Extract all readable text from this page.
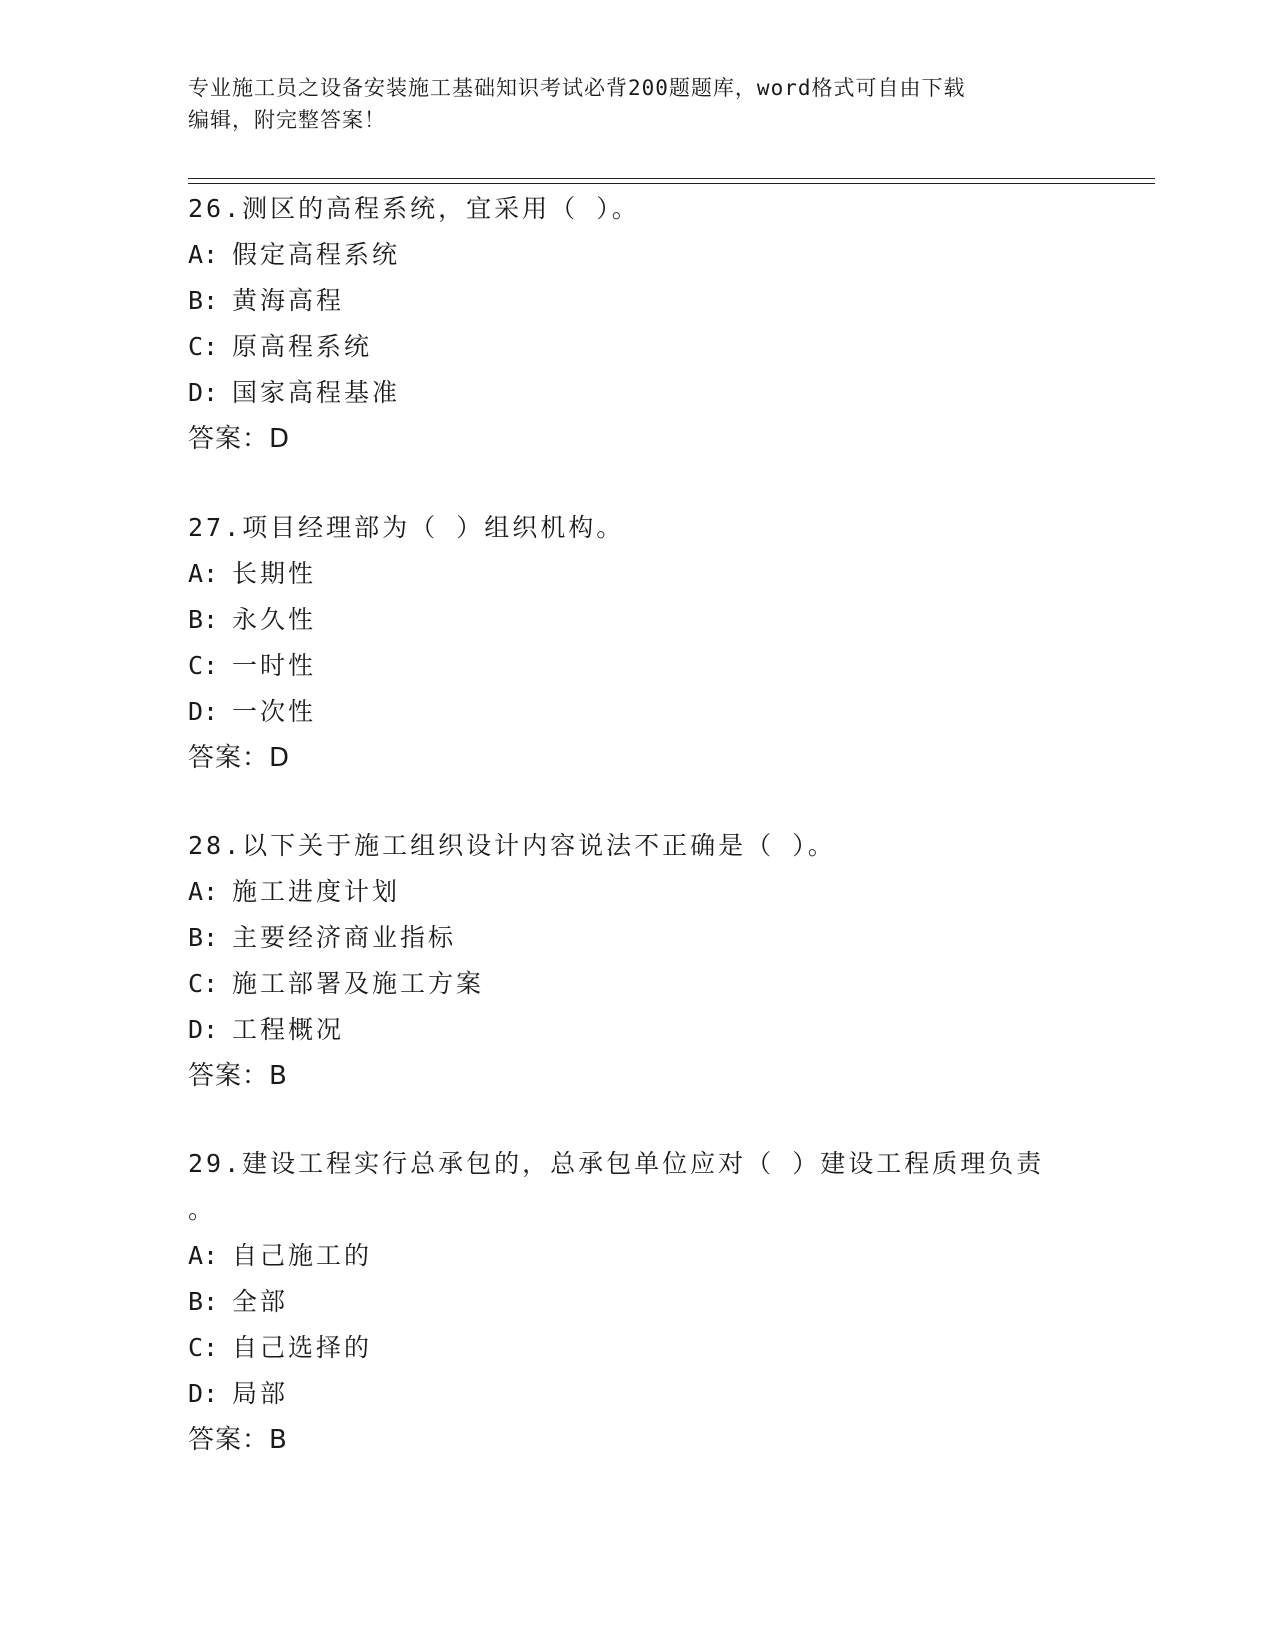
专业施工员之设备安装施工基础知识考试必背200题题库，word格式可自由下载
编辑，附完整答案！
26.测区的高程系统，宜采用（ ）。
A: 假定高程系统
B: 黄海高程
C: 原高程系统
D: 国家高程基准
答案：D
27.项目经理部为（ ）组织机构。
A: 长期性
B: 永久性
C: 一时性
D: 一次性
答案：D
28.以下关于施工组织设计内容说法不正确是（ ）。
A: 施工进度计划
B: 主要经济商业指标
C: 施工部署及施工方案
D: 工程概况
答案：B
29.建设工程实行总承包的，总承包单位应对（ ）建设工程质理负责
。
A: 自己施工的
B: 全部
C: 自己选择的
D: 局部
答案：B
